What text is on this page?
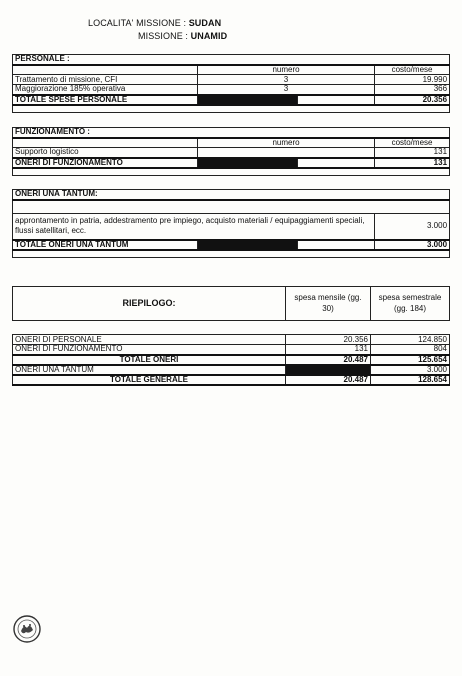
LOCALITA' MISSIONE : SUDAN
MISSIONE : UNAMID
PERSONALE :			
	numero		costo/mese
Trattamento di missione, CFI	3		19.990
Maggiorazione 185% operativa	3		366
TOTALE SPESE PERSONALE			20.356

FUNZIONAMENTO :			
	numero		costo/mese
Supporto logistico			131
ONERI DI FUNZIONAMENTO			131

ONERI UNA TANTUM:			

approntamento in patria, addestramento pre impiego, acquisto materiali / equipaggiamenti speciali, flussi satellitari, ecc.			3.000
TOTALE ONERI UNA TANTUM			3.000

RIEPILOGO:	spesa mensile (gg. 30)	spesa semestrale (gg. 184)
ONERI DI PERSONALE	20.356	124.850
ONERI DI FUNZIONAMENTO	131	804
TOTALE ONERI	20.487	125.654
ONERI UNA TANTUM		3.000
TOTALE GENERALE	20.487	128.654
